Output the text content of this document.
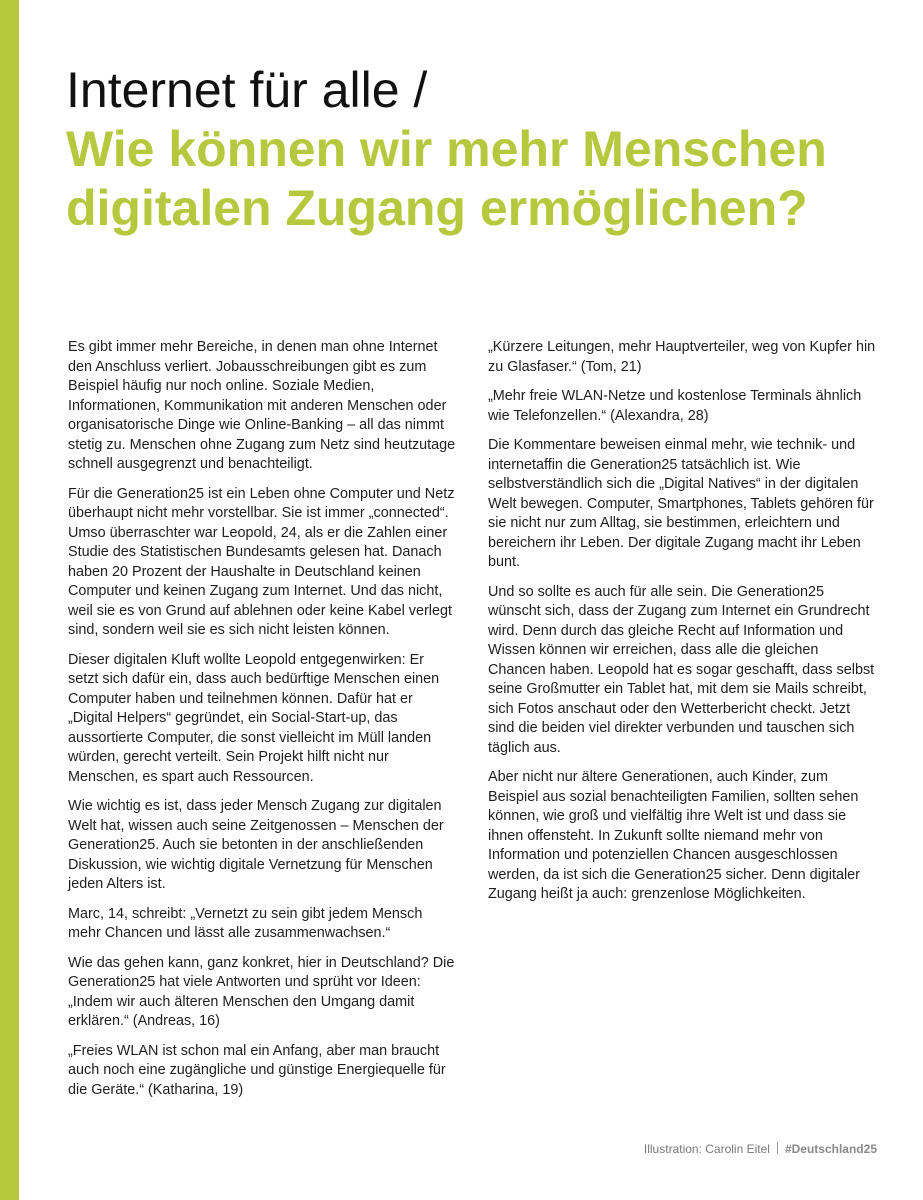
Internet für alle /
Wie können wir mehr Menschen digitalen Zugang ermöglichen?

Es gibt immer mehr Bereiche, in denen man ohne Internet den Anschluss verliert. Jobausschreibungen gibt es zum Beispiel häufig nur noch online. Soziale Medien, Informationen, Kommunikation mit anderen Menschen oder organisatorische Dinge wie Online-Banking – all das nimmt stetig zu. Menschen ohne Zugang zum Netz sind heutzutage schnell ausgegrenzt und benachteiligt.

Für die Generation25 ist ein Leben ohne Computer und Netz überhaupt nicht mehr vorstellbar. Sie ist immer „connected“. Umso überraschter war Leopold, 24, als er die Zahlen einer Studie des Statistischen Bundesamts gelesen hat. Danach haben 20 Prozent der Haushalte in Deutschland keinen Computer und keinen Zugang zum Internet. Und das nicht, weil sie es von Grund auf ablehnen oder keine Kabel verlegt sind, sondern weil sie es sich nicht leisten können.

Dieser digitalen Kluft wollte Leopold entgegenwirken: Er setzt sich dafür ein, dass auch bedürftige Menschen einen Computer haben und teilnehmen können. Dafür hat er „Digital Helpers“ gegründet, ein Social-Start-up, das aussortierte Computer, die sonst vielleicht im Müll landen würden, gerecht verteilt. Sein Projekt hilft nicht nur Menschen, es spart auch Ressourcen.

Wie wichtig es ist, dass jeder Mensch Zugang zur digitalen Welt hat, wissen auch seine Zeitgenossen – Menschen der Generation25. Auch sie betonten in der anschließenden Diskussion, wie wichtig digitale Vernetzung für Menschen jeden Alters ist.

Marc, 14, schreibt: „Vernetzt zu sein gibt jedem Mensch mehr Chancen und lässt alle zusammenwachsen.“

Wie das gehen kann, ganz konkret, hier in Deutschland? Die Generation25 hat viele Antworten und sprüht vor Ideen: „Indem wir auch älteren Menschen den Umgang damit erklären.“ (Andreas, 16)

„Freies WLAN ist schon mal ein Anfang, aber man braucht auch noch eine zugängliche und günstige Energiequelle für die Geräte.“ (Katharina, 19)

„Kürzere Leitungen, mehr Hauptverteiler, weg von Kupfer hin zu Glasfaser.“ (Tom, 21)

„Mehr freie WLAN-Netze und kostenlose Terminals ähnlich wie Telefonzellen.“ (Alexandra, 28)

Die Kommentare beweisen einmal mehr, wie technik- und internetaffin die Generation25 tatsächlich ist. Wie selbstverständlich sich die „Digital Natives“ in der digitalen Welt bewegen. Computer, Smartphones, Tablets gehören für sie nicht nur zum Alltag, sie bestimmen, erleichtern und bereichern ihr Leben. Der digitale Zugang macht ihr Leben bunt.

Und so sollte es auch für alle sein. Die Generation25 wünscht sich, dass der Zugang zum Internet ein Grundrecht wird. Denn durch das gleiche Recht auf Information und Wissen können wir erreichen, dass alle die gleichen Chancen haben. Leopold hat es sogar geschafft, dass selbst seine Großmutter ein Tablet hat, mit dem sie Mails schreibt, sich Fotos anschaut oder den Wetterbericht checkt. Jetzt sind die beiden viel direkter verbunden und tauschen sich täglich aus.

Aber nicht nur ältere Generationen, auch Kinder, zum Beispiel aus sozial benachteiligten Familien, sollten sehen können, wie groß und vielfältig ihre Welt ist und dass sie ihnen offensteht. In Zukunft sollte niemand mehr von Information und potenziellen Chancen ausgeschlossen werden, da ist sich die Generation25 sicher. Denn digitaler Zugang heißt ja auch: grenzenlose Möglichkeiten.

Illustration: Carolin Eitel #Deutschland25
